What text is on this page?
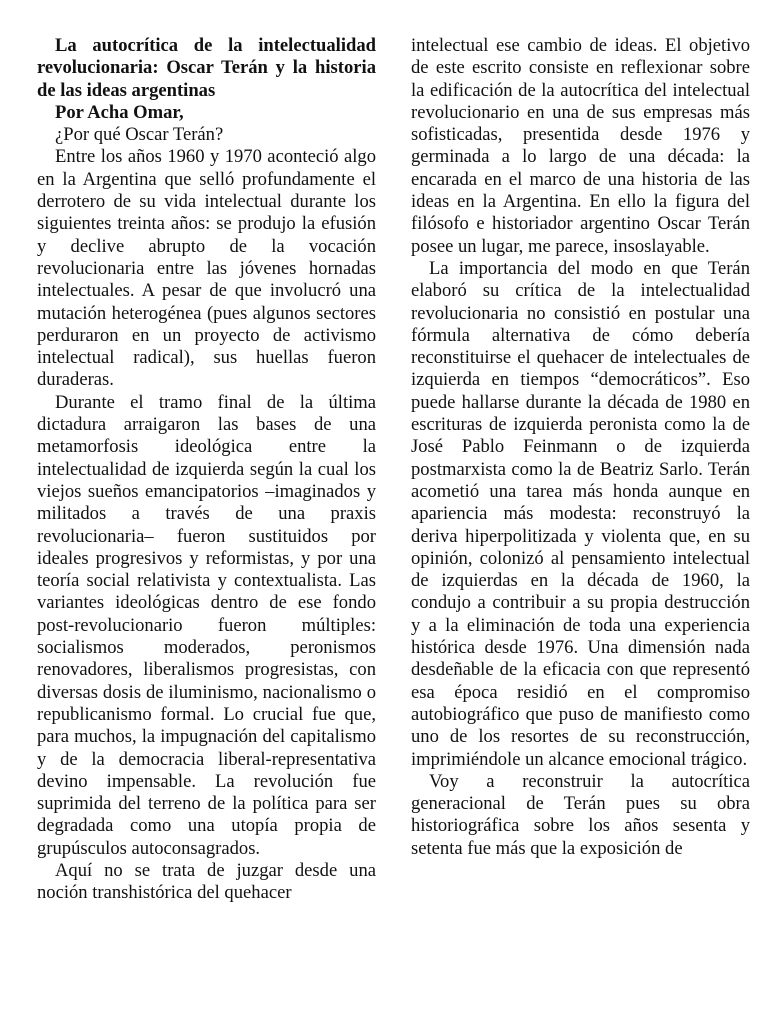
La autocrítica de la intelectualidad revolucionaria: Oscar Terán y la historia de las ideas argentinas

Por Acha Omar,

¿Por qué Oscar Terán?

Entre los años 1960 y 1970 aconteció algo en la Argentina que selló profundamente el derrotero de su vida intelectual durante los siguientes treinta años: se produjo la efusión y declive abrupto de la vocación revolucionaria entre las jóvenes hornadas intelectuales. A pesar de que involucró una mutación heterogénea (pues algunos sectores perduraron en un proyecto de activismo intelectual radical), sus huellas fueron duraderas.

Durante el tramo final de la última dictadura arraigaron las bases de una metamorfosis ideológica entre la intelectualidad de izquierda según la cual los viejos sueños emancipatorios –imaginados y militados a través de una praxis revolucionaria– fueron sustituidos por ideales progresivos y reformistas, y por una teoría social relativista y contextualista. Las variantes ideológicas dentro de ese fondo post-revolucionario fueron múltiples: socialismos moderados, peronismos renovadores, liberalismos progresistas, con diversas dosis de iluminismo, nacionalismo o republicanismo formal. Lo crucial fue que, para muchos, la impugnación del capitalismo y de la democracia liberal-representativa devino impensable. La revolución fue suprimida del terreno de la política para ser degradada como una utopía propia de grupúsculos autoconsagrados.

Aquí no se trata de juzgar desde una noción transhistórica del quehacer

intelectual ese cambio de ideas. El objetivo de este escrito consiste en reflexionar sobre la edificación de la autocrítica del intelectual revolucionario en una de sus empresas más sofisticadas, presentida desde 1976 y germinada a lo largo de una década: la encarada en el marco de una historia de las ideas en la Argentina. En ello la figura del filósofo e historiador argentino Oscar Terán posee un lugar, me parece, insoslayable.

La importancia del modo en que Terán elaboró su crítica de la intelectualidad revolucionaria no consistió en postular una fórmula alternativa de cómo debería reconstituirse el quehacer de intelectuales de izquierda en tiempos “democráticos”. Eso puede hallarse durante la década de 1980 en escrituras de izquierda peronista como la de José Pablo Feinmann o de izquierda postmarxista como la de Beatriz Sarlo. Terán acometió una tarea más honda aunque en apariencia más modesta: reconstruyó la deriva hiperpolitizada y violenta que, en su opinión, colonizó al pensamiento intelectual de izquierdas en la década de 1960, la condujo a contribuir a su propia destrucción y a la eliminación de toda una experiencia histórica desde 1976. Una dimensión nada desdeñable de la eficacia con que representó esa época residió en el compromiso autobiográfico que puso de manifiesto como uno de los resortes de su reconstrucción, imprimiéndole un alcance emocional trágico.

Voy a reconstruir la autocrítica generacional de Terán pues su obra historiográfica sobre los años sesenta y setenta fue más que la exposición de
